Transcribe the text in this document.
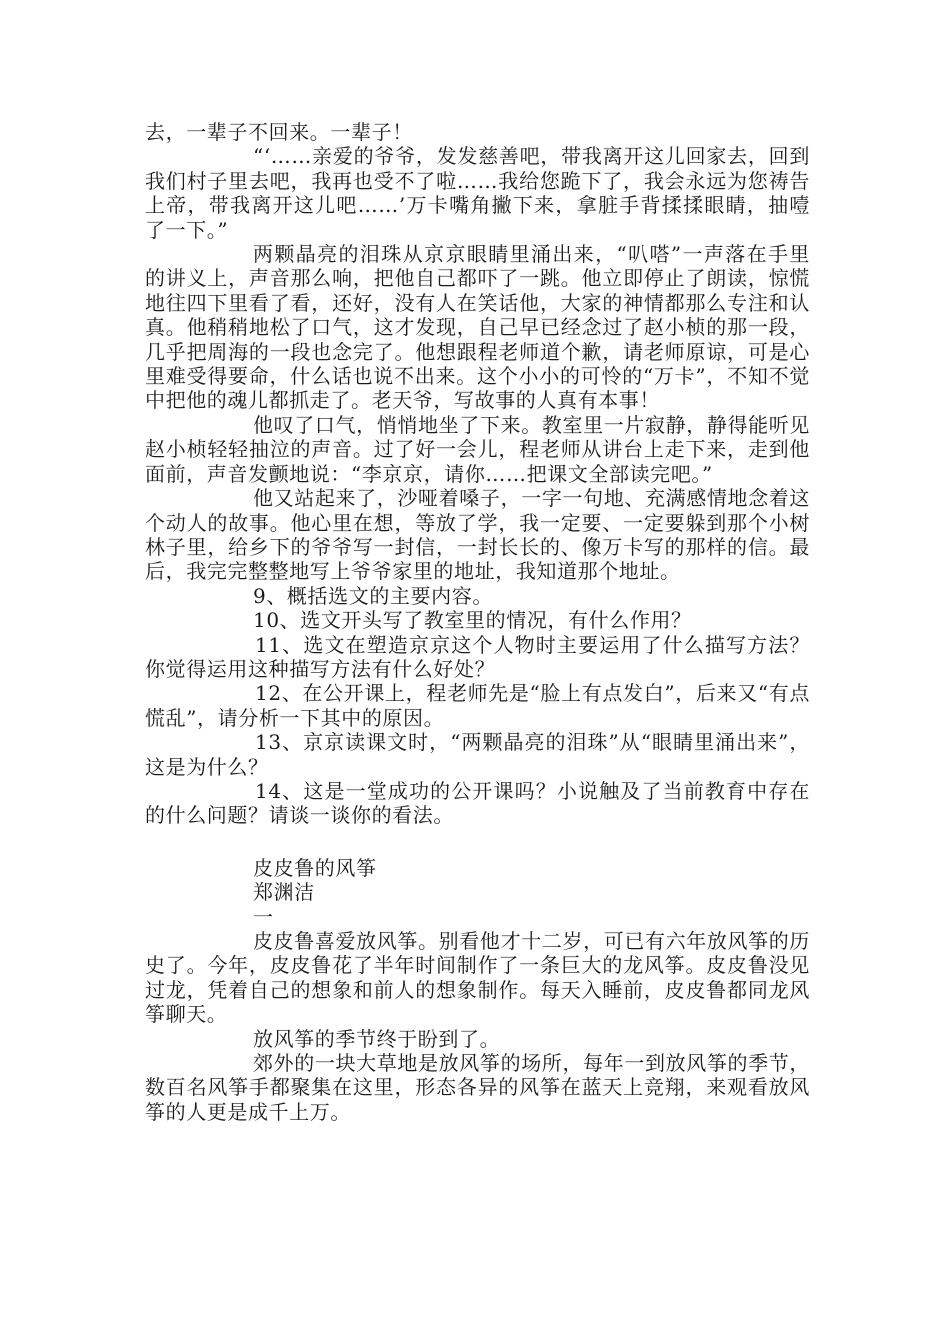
去，一辈子不回来。一辈子！

“‘……亲爱的爷爷，发发慈善吧，带我离开这儿回家去，回到我们村子里去吧，我再也受不了啦……我给您跪下了，我会永远为您祷告上帝，带我离开这儿吧……’万卡嘴角撇下来，拿脏手背揉揉眼睛，抽噎了一下。”

两颗晶亮的泪珠从京京眼睛里涌出来，“叭嗒”一声落在手里的讲义上，声音那么响，把他自己都吓了一跳。他立即停止了朗读，惊慌地往四下里看了看，还好，没有人在笑话他，大家的神情都那么专注和认真。他稍稍地松了口气，这才发现，自己早已经念过了赵小桢的那一段，几乎把周海的一段也念完了。他想跟程老师道个歉，请老师原谅，可是心里难受得要命，什么话也说不出来。这个小小的可怜的“万卡”，不知不觉中把他的魂儿都抓走了。老天爷，写故事的人真有本事！

他叹了口气，悄悄地坐了下来。教室里一片寂静，静得能听见赵小桢轻轻抽泣的声音。过了好一会儿，程老师从讲台上走下来，走到他面前，声音发颤地说：“李京京，请你……把课文全部读完吧。”

他又站起来了，沙哑着嗓子，一字一句地、充满感情地念着这个动人的故事。他心里在想，等放了学，我一定要、一定要躲到那个小树林子里，给乡下的爷爷写一封信，一封长长的、像万卡写的那样的信。最后，我完完整整地写上爷爷家里的地址，我知道那个地址。

9、概括选文的主要内容。

10、选文开头写了教室里的情况，有什么作用？

11、选文在塑造京京这个人物时主要运用了什么描写方法？你觉得运用这种描写方法有什么好处？

12、在公开课上，程老师先是“脸上有点发白”，后来又“有点慌乱”，请分析一下其中的原因。

13、京京读课文时，“两颗晶亮的泪珠”从“眼睛里涌出来”，这是为什么？

14、这是一堂成功的公开课吗？小说触及了当前教育中存在的什么问题？请谈一谈你的看法。

皮皮鲁的风筝

郑渊洁

一

皮皮鲁喜爱放风筝。别看他才十二岁，可已有六年放风筝的历史了。今年，皮皮鲁花了半年时间制作了一条巨大的龙风筝。皮皮鲁没见过龙，凭着自己的想象和前人的想象制作。每天入睡前，皮皮鲁都同龙风筝聊天。

放风筝的季节终于盼到了。

郊外的一块大草地是放风筝的场所，每年一到放风筝的季节，数百名风筝手都聚集在这里，形态各异的风筝在蓝天上竞翔，来观看放风筝的人更是成千上万。
